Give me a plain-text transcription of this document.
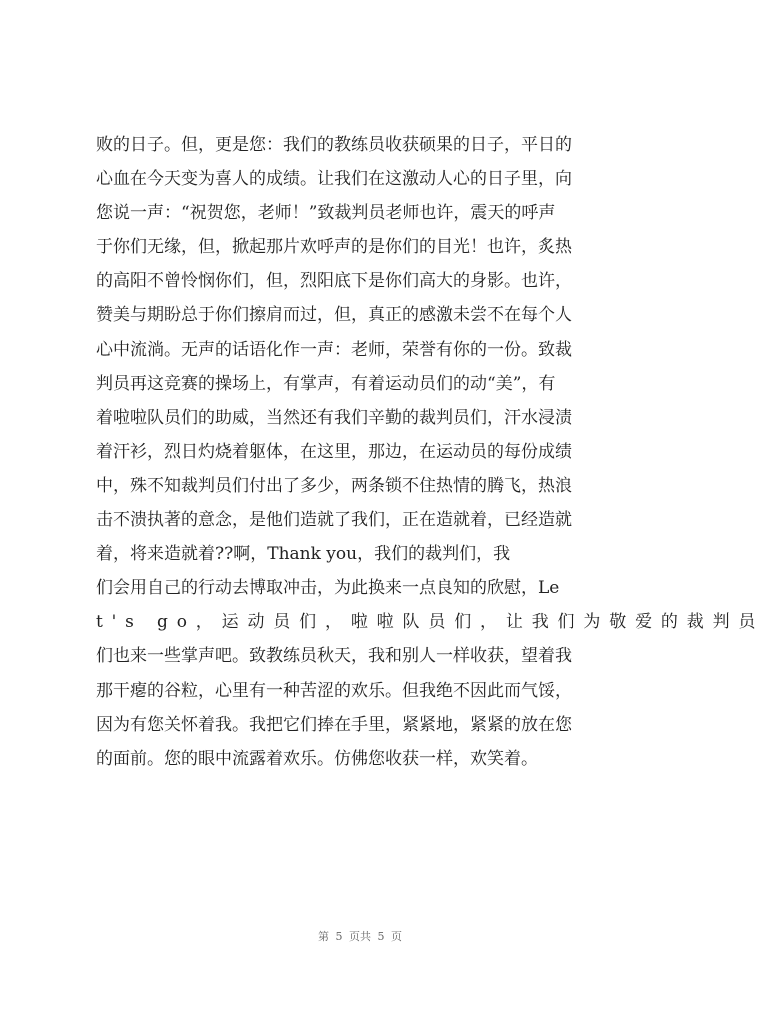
败的日子。但，更是您：我们的教练员收获硕果的日子，平日的
心血在今天变为喜人的成绩。让我们在这激动人心的日子里，向
您说一声：“祝贺您，老师！”致裁判员老师也许，震天的呼声
于你们无缘，但，掀起那片欢呼声的是你们的目光！也许，炙热
的高阳不曾怜悯你们，但，烈阳底下是你们高大的身影。也许，
赞美与期盼总于你们擦肩而过，但，真正的感激未尝不在每个人
心中流淌。无声的话语化作一声：老师，荣誉有你的一份。致裁
判员再这竞赛的操场上，有掌声，有着运动员们的动“美”，有
着啦啦队员们的助威，当然还有我们辛勤的裁判员们，汗水浸渍
着汗衫，烈日灼烧着躯体，在这里，那边，在运动员的每份成绩
中，殊不知裁判员们付出了多少，两条锁不住热情的腾飞，热浪
击不溃执著的意念，是他们造就了我们，正在造就着，已经造就
着，将来造就着??啊，Thank you，我们的裁判们，我
们会用自己的行动去博取冲击，为此换来一点良知的欣慰，Le
t's go，运动员们，啦啦队员们，让我们为敬爱的裁判员
们也来一些掌声吧。致教练员秋天，我和别人一样收获，望着我
那干瘪的谷粒，心里有一种苦涩的欢乐。但我绝不因此而气馁，
因为有您关怀着我。我把它们捧在手里，紧紧地，紧紧的放在您
的面前。您的眼中流露着欢乐。仿佛您收获一样，欢笑着。
第 5 页共 5 页
